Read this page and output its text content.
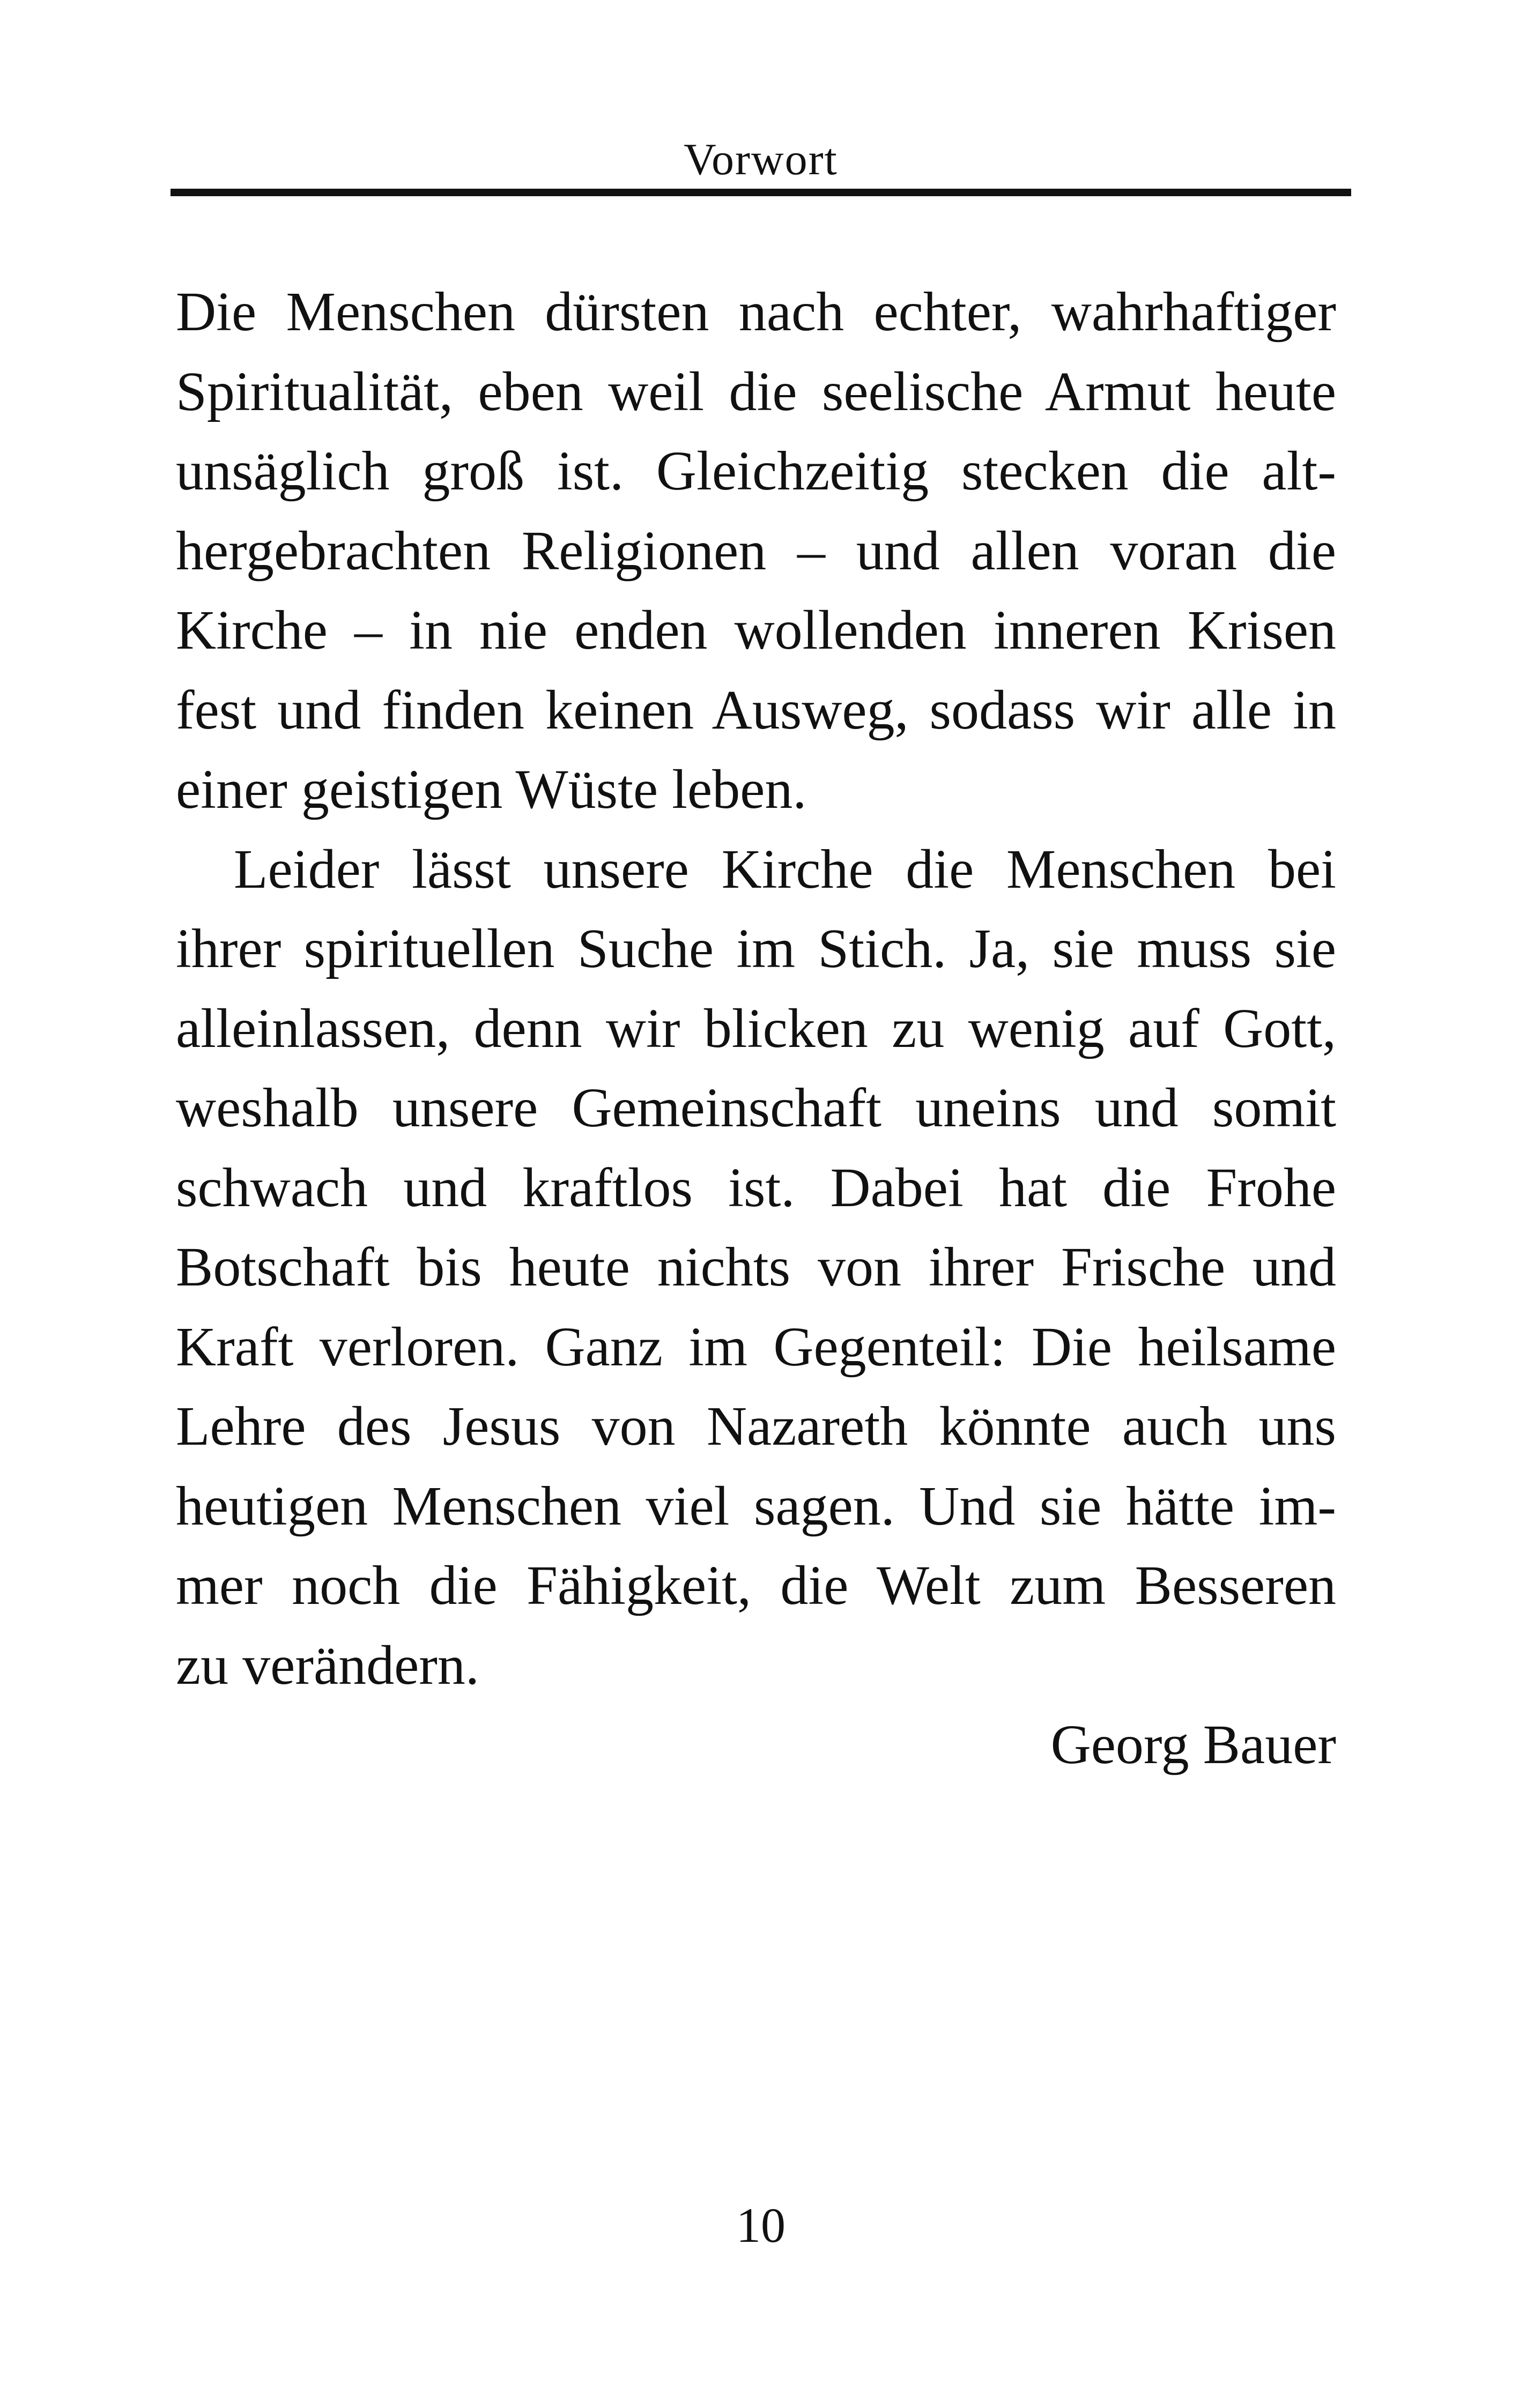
Vorwort
Die Menschen dürsten nach echter, wahrhaftiger
Spiritualität, eben weil die seelische Armut heute
unsäglich groß ist. Gleichzeitig stecken die alt-
hergebrachten Religionen – und allen voran die
Kirche – in nie enden wollenden inneren Krisen
fest und finden keinen Ausweg, sodass wir alle in
einer geistigen Wüste leben.
Leider lässt unsere Kirche die Menschen bei
ihrer spirituellen Suche im Stich. Ja, sie muss sie
alleinlassen, denn wir blicken zu wenig auf Gott,
weshalb unsere Gemeinschaft uneins und somit
schwach und kraftlos ist. Dabei hat die Frohe
Botschaft bis heute nichts von ihrer Frische und
Kraft verloren. Ganz im Gegenteil: Die heilsame
Lehre des Jesus von Nazareth könnte auch uns
heutigen Menschen viel sagen. Und sie hätte im-
mer noch die Fähigkeit, die Welt zum Besseren
zu verändern.
Georg Bauer
10
